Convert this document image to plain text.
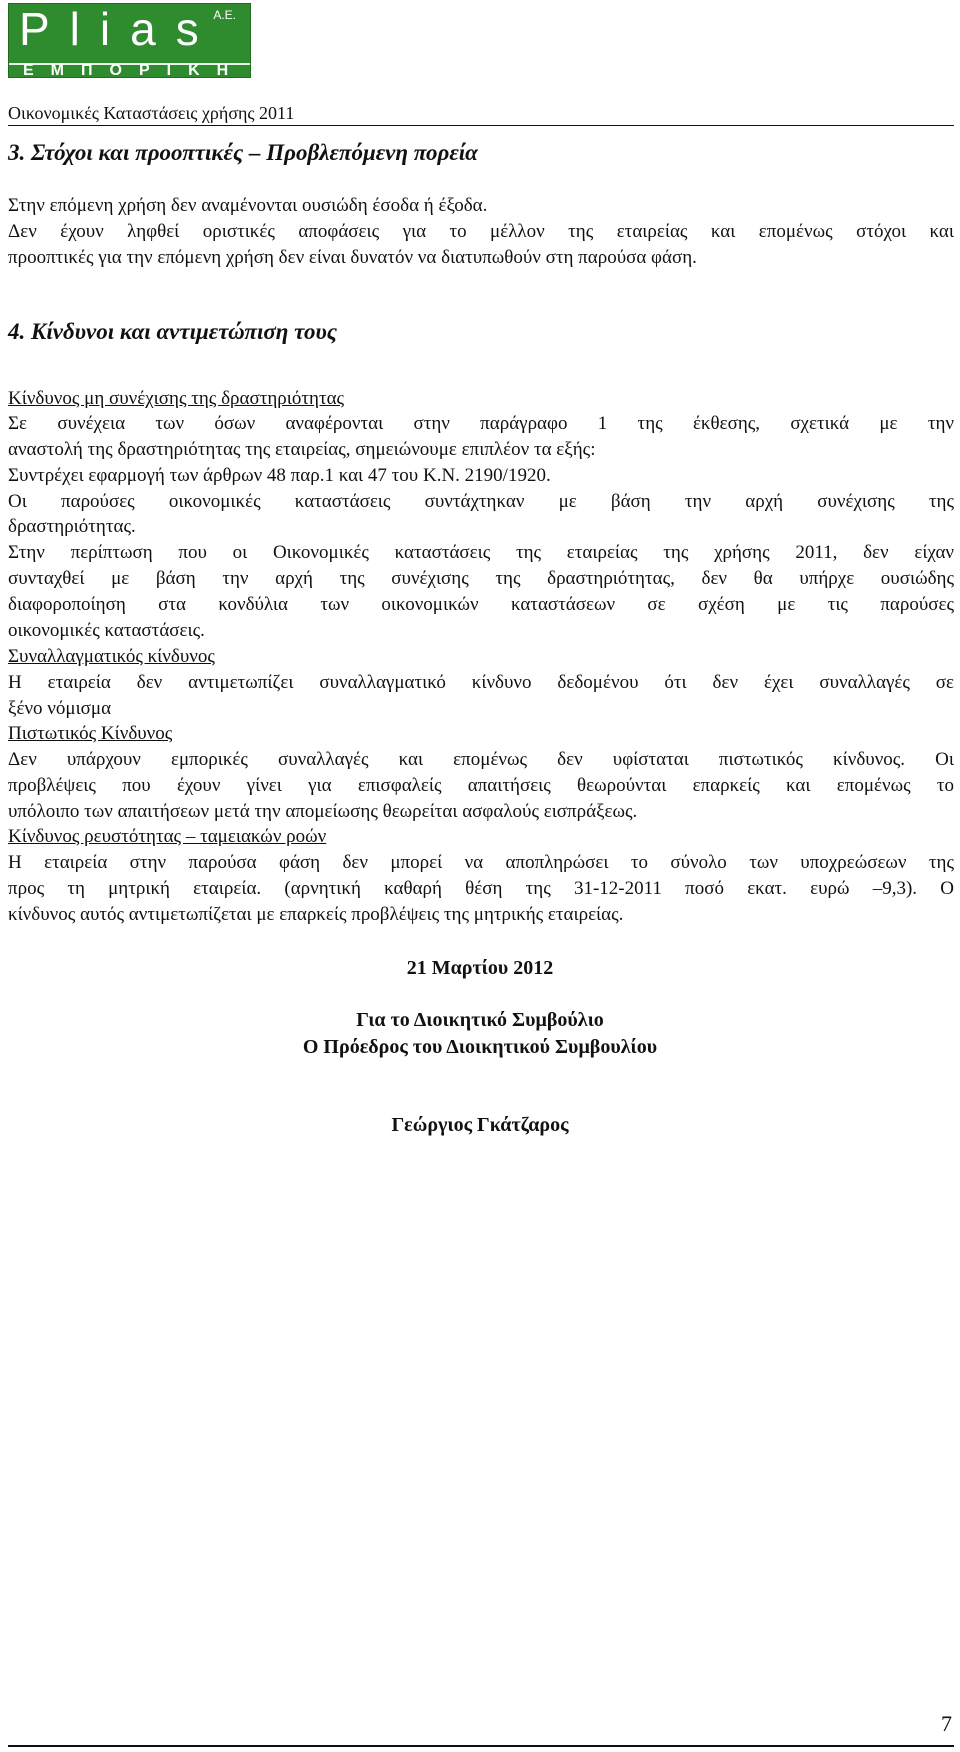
Plias
A.E.
ΕΜΠΟΡΙΚΗ
Οικονομικές Καταστάσεις χρήσης 2011
3. Στόχοι και προοπτικές – Προβλεπόμενη πορεία
Στην επόμενη χρήση δεν αναμένονται ουσιώδη έσοδα ή έξοδα.
Δεν έχουν ληφθεί οριστικές αποφάσεις για το μέλλον της εταιρείας και επομένως στόχοι και
προοπτικές για την επόμενη χρήση δεν είναι δυνατόν να διατυπωθούν στη παρούσα φάση.
4. Κίνδυνοι και αντιμετώπιση τους
Κίνδυνος μη συνέχισης της δραστηριότητας
Σε συνέχεια των όσων αναφέρονται στην παράγραφο 1 της έκθεσης, σχετικά με την
αναστολή της δραστηριότητας της εταιρείας, σημειώνουμε επιπλέον τα εξής:
Συντρέχει εφαρμογή των άρθρων 48 παρ.1 και 47 του Κ.Ν. 2190/1920.
Οι παρούσες οικονομικές καταστάσεις συντάχτηκαν με βάση την αρχή συνέχισης της
δραστηριότητας.
Στην περίπτωση που οι Οικονομικές καταστάσεις της εταιρείας της χρήσης 2011, δεν είχαν
συνταχθεί με βάση την αρχή της συνέχισης της δραστηριότητας, δεν θα υπήρχε ουσιώδης
διαφοροποίηση στα κονδύλια των οικονομικών καταστάσεων σε σχέση με τις παρούσες
οικονομικές καταστάσεις.
Συναλλαγματικός κίνδυνος
Η εταιρεία δεν αντιμετωπίζει συναλλαγματικό κίνδυνο δεδομένου ότι δεν έχει συναλλαγές σε
ξένο νόμισμα
Πιστωτικός Κίνδυνος
Δεν υπάρχουν εμπορικές συναλλαγές και επομένως δεν υφίσταται πιστωτικός κίνδυνος. Οι
προβλέψεις που έχουν γίνει για επισφαλείς απαιτήσεις θεωρούνται επαρκείς και επομένως το
υπόλοιπο των απαιτήσεων μετά την απομείωσης θεωρείται ασφαλούς εισπράξεως.
Κίνδυνος ρευστότητας – ταμειακών ροών
Η εταιρεία στην παρούσα φάση δεν μπορεί να αποπληρώσει το σύνολο των υποχρεώσεων της
προς τη μητρική εταιρεία. (αρνητική καθαρή θέση της 31-12-2011 ποσό εκατ. ευρώ –9,3). Ο
κίνδυνος αυτός αντιμετωπίζεται με επαρκείς προβλέψεις της μητρικής εταιρείας.
21 Μαρτίου 2012
Για το Διοικητικό Συμβούλιο
Ο Πρόεδρος του Διοικητικού Συμβουλίου
Γεώργιος Γκάτζαρος
7
